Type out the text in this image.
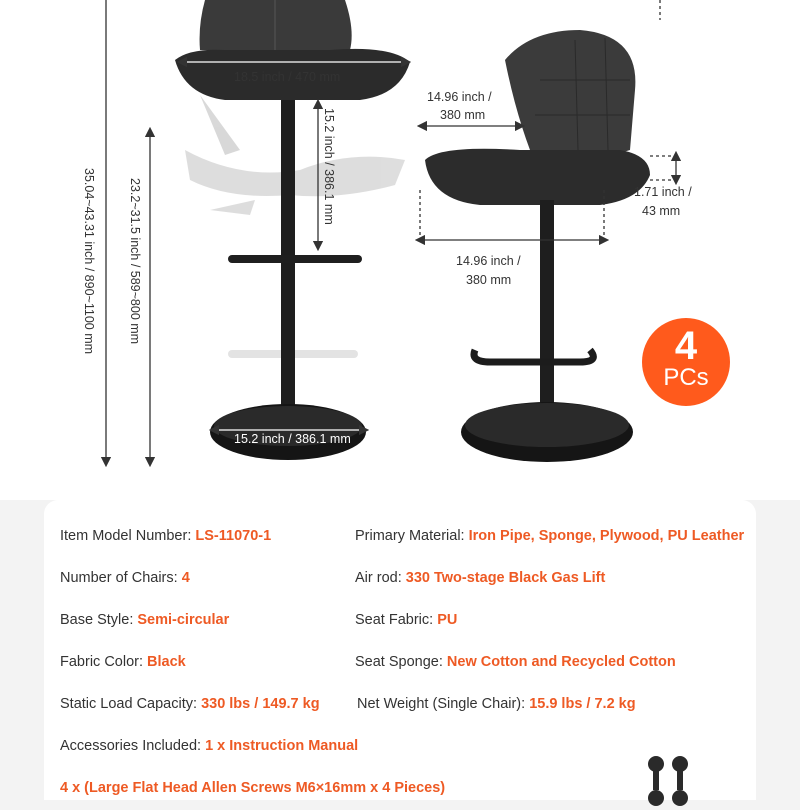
35.04~43.31 inch / 890~1100 mm	23.2~31.5 inch / 589~800 mm
18.5 inch / 470 mm
15.2 inch / 386.1 mm
15.2 inch / 386.1 mm
14.96 inch /
380 mm
14.96 inch /
380 mm
1.71 inch /
43 mm
4
PCs
Item Model Number: LS-11070-1	Primary Material: Iron Pipe, Sponge, Plywood, PU Leather
Number of Chairs: 4	Air rod: 330 Two-stage Black Gas Lift
Base Style: Semi-circular	Seat Fabric: PU
Fabric Color: Black	Seat Sponge: New Cotton and Recycled Cotton
Static Load Capacity: 330 lbs / 149.7 kg	Net Weight (Single Chair): 15.9 lbs / 7.2 kg
Accessories Included: 1 x Instruction Manual
4 x (Large Flat Head Allen Screws M6×16mm x 4 Pieces)
